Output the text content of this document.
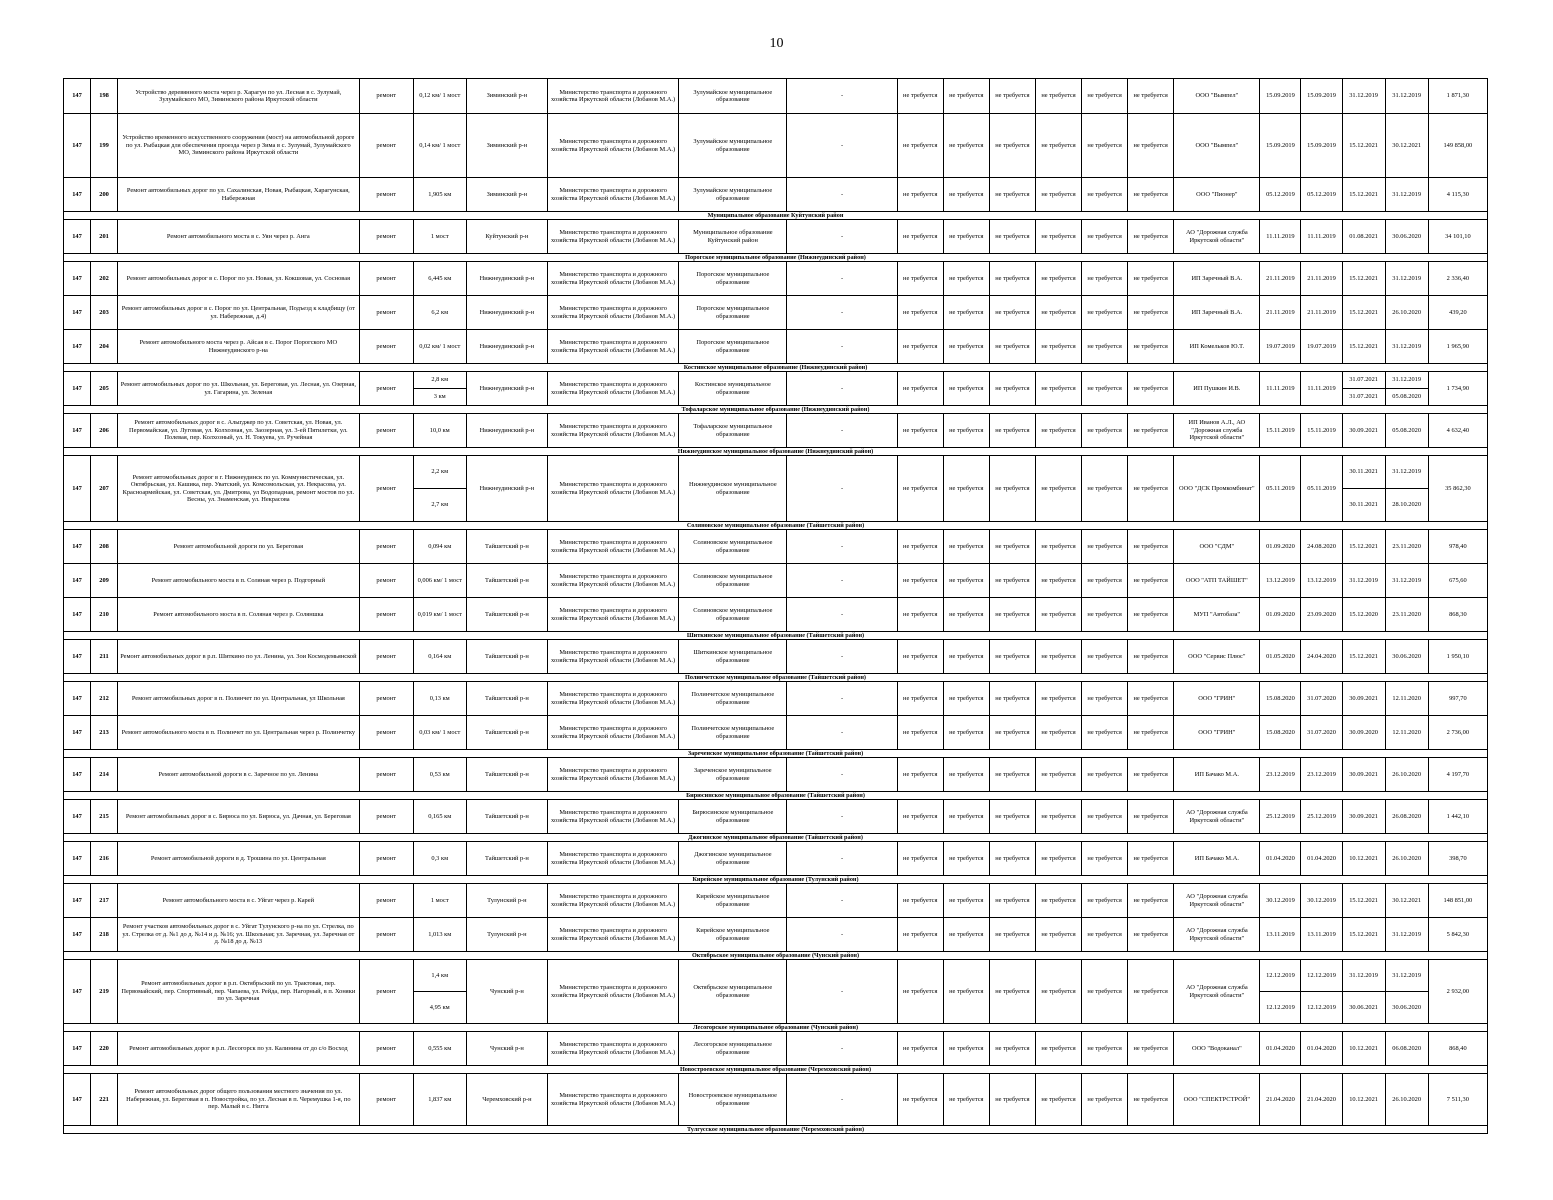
10
147	198	Устройство деревянного моста через р. Харагун по ул. Лесная в с. Зулумай, Зулумайского МО, Зиминского района Иркутской области	ремонт	0,12 км/ 1 мост	Зиминский р-н	Министерство транспорта и дорожного хозяйства Иркутской области (Лобанов М.А.)	Зулумайское муниципальное образование	-	не требуется	не требуется	не требуется	не требуется	не требуется	не требуется	ООО "Вымпел"	15.09.2019	15.09.2019	31.12.2019	31.12.2019	1 871,30
147	199	Устройство временного искусственного сооружения (мост) на автомобильной дороге по ул. Рыбацкая для обеспечения проезда через р Зима в с. Зулумай, Зулумайского МО, Зиминского района Иркутской области	ремонт	0,14 км/ 1 мост	Зиминский р-н	Министерство транспорта и дорожного хозяйства Иркутской области (Лобанов М.А.)	Зулумайское муниципальное образование	-	не требуется	не требуется	не требуется	не требуется	не требуется	не требуется	ООО "Вымпел"	15.09.2019	15.09.2019	15.12.2021	30.12.2021	149 858,00
147	200	Ремонт автомобильных дорог по ул. Сахалинская, Новая, Рыбацкая, Харагунская, Набережная	ремонт	1,905 км	Зиминский р-н	Министерство транспорта и дорожного хозяйства Иркутской области (Лобанов М.А.)	Зулумайское муниципальное образование	-	не требуется	не требуется	не требуется	не требуется	не требуется	не требуется	ООО "Пионер"	05.12.2019	05.12.2019	15.12.2021	31.12.2019	4 115,30
Муниципальное образование Куйтунский район																				
147	201	Ремонт автомобильного моста в с. Уян через р. Анга	ремонт	1 мост	Куйтунский р-н	Министерство транспорта и дорожного хозяйства Иркутской области (Лобанов М.А.)	Муниципальное образование Куйтунский район	-	не требуется	не требуется	не требуется	не требуется	не требуется	не требуется	АО "Дорожная служба Иркутской области"	11.11.2019	11.11.2019	01.08.2021	30.06.2020	34 101,10
Порогское муниципальное образование (Нижнеудинский район)																				
147	202	Ремонт автомобильных дорог в с. Порог по ул. Новая, ул. Кокшовая, ул. Сосновая	ремонт	6,445 км	Нижнеудинский р-н	Министерство транспорта и дорожного хозяйства Иркутской области (Лобанов М.А.)	Порогское муниципальное образование	-	не требуется	не требуется	не требуется	не требуется	не требуется	не требуется	ИП Заречный В.А.	21.11.2019	21.11.2019	15.12.2021	31.12.2019	2 336,40
147	203	Ремонт автомобильных дорог в с. Порог по ул. Центральная, Подъезд к кладбищу (от ул. Набережная, д.4)	ремонт	6,2 км	Нижнеудинский р-н	Министерство транспорта и дорожного хозяйства Иркутской области (Лобанов М.А.)	Порогское муниципальное образование	-	не требуется	не требуется	не требуется	не требуется	не требуется	не требуется	ИП Заречный В.А.	21.11.2019	21.11.2019	15.12.2021	26.10.2020	439,20
147	204	Ремонт автомобильного моста через р. Айсая в с. Порог Порогского МО Нижнеудинского р-на	ремонт	0,02 км/ 1 мост	Нижнеудинский р-н	Министерство транспорта и дорожного хозяйства Иркутской области (Лобанов М.А.)	Порогское муниципальное образование	-	не требуется	не требуется	не требуется	не требуется	не требуется	не требуется	ИП Комельков Ю.Т.	19.07.2019	19.07.2019	15.12.2021	31.12.2019	1 965,90
Костинское муниципальное образование (Нижнеудинский район)																				
147	205	Ремонт автомобильных дорог по ул. Школьная, ул. Береговая, ул. Лесная, ул. Озерная, ул. Гагарина, ул. Зеленая	ремонт	2,8 км	Нижнеудинский р-н	Министерство транспорта и дорожного хозяйства Иркутской области (Лобанов М.А.)	Костинское муниципальное образование	-	не требуется	не требуется	не требуется	не требуется	не требуется	не требуется	ИП Пушкин И.В.	11.11.2019	11.11.2019	31.07.2021	31.12.2019	1 734,90
				3 км														31.07.2021	05.08.2020	
Тофаларское муниципальное образование (Нижнеудинский район)																				
147	206	Ремонт автомобильных дорог в с. Алыгджер по ул. Советская, ул. Новая, ул. Первомайская, ул. Луговая, ул. Колхозная, ул. Заозерная, ул. 3-ей Пятилетки, ул. Полевая, пер. Колхозный, ул. Н. Токуева, ул. Ручейная	ремонт	10,0 км	Нижнеудинский р-н	Министерство транспорта и дорожного хозяйства Иркутской области (Лобанов М.А.)	Тофаларское муниципальное образование	-	не требуется	не требуется	не требуется	не требуется	не требуется	не требуется	ИП Иванов А.Л., АО "Дорожная служба Иркутской области"	15.11.2019	15.11.2019	30.09.2021	05.08.2020	4 632,40
Нижнеудинское муниципальное образование (Нижнеудинский район)																				
147	207	Ремонт автомобильных дорог в г. Нижнеудинск по ул. Коммунистическая, ул. Октябрьская, ул. Кашика, пер. Уватский, ул. Комсомольская, ул. Некрасова, ул. Красноармейская, ул. Советская, ул. Дмитрова, ул Водопадная, ремонт мостов по ул. Весны, ул. Знаменская, ул. Некрасова	ремонт	2,2 км	Нижнеудинский р-н	Министерство транспорта и дорожного хозяйства Иркутской области (Лобанов М.А.)	Нижнеудинское муниципальное образование	-	не требуется	не требуется	не требуется	не требуется	не требуется	не требуется	ООО "ДСК Промкомбинат"	05.11.2019	05.11.2019	30.11.2021	31.12.2019	35 862,30
				2,7 км														30.11.2021	28.10.2020	
Соляновское муниципальное образование (Тайшетский район)																				
147	208	Ремонт автомобильной дороги по ул. Береговая	ремонт	0,094 км	Тайшетский р-н	Министерство транспорта и дорожного хозяйства Иркутской области (Лобанов М.А.)	Соляновское муниципальное образование	-	не требуется	не требуется	не требуется	не требуется	не требуется	не требуется	ООО "СДМ"	01.09.2020	24.08.2020	15.12.2021	23.11.2020	978,40
147	209	Ремонт автомобильного моста в п. Соляная через р. Подгорный	ремонт	0,006 км/ 1 мост	Тайшетский р-н	Министерство транспорта и дорожного хозяйства Иркутской области (Лобанов М.А.)	Соляновское муниципальное образование	-	не требуется	не требуется	не требуется	не требуется	не требуется	не требуется	ООО "АТП ТАЙШЕТ"	13.12.2019	13.12.2019	31.12.2019	31.12.2019	675,60
147	210	Ремонт автомобильного моста в п. Соляная через р. Соляншка	ремонт	0,019 км/ 1 мост	Тайшетский р-н	Министерство транспорта и дорожного хозяйства Иркутской области (Лобанов М.А.)	Соляновское муниципальное образование	-	не требуется	не требуется	не требуется	не требуется	не требуется	не требуется	МУП "Автобаза"	01.09.2020	23.09.2020	15.12.2020	23.11.2020	868,30
Шиткинское муниципальное образование (Тайшетский район)																				
147	211	Ремонт автомобильных дорог в р.п. Шиткино по ул. Ленина, ул. Зои Космодемьянской	ремонт	0,164 км	Тайшетский р-н	Министерство транспорта и дорожного хозяйства Иркутской области (Лобанов М.А.)	Шиткинское муниципальное образование	-	не требуется	не требуется	не требуется	не требуется	не требуется	не требуется	ООО "Сервис Плюс"	01.05.2020	24.04.2020	15.12.2021	30.06.2020	1 950,10
Полинчетское муниципальное образование (Тайшетский район)																				
147	212	Ремонт автомобильных дорог в п. Полинчет по ул. Центральная, ул Школьная	ремонт	0,13 км	Тайшетский р-н	Министерство транспорта и дорожного хозяйства Иркутской области (Лобанов М.А.)	Полинчетское муниципальное образование	-	не требуется	не требуется	не требуется	не требуется	не требуется	не требуется	ООО "ГРИН"	15.08.2020	31.07.2020	30.09.2021	12.11.2020	997,70
147	213	Ремонт автомобильного моста в п. Полинчет по ул. Центральная через р. Полинчетку	ремонт	0,03 км/ 1 мост	Тайшетский р-н	Министерство транспорта и дорожного хозяйства Иркутской области (Лобанов М.А.)	Полинчетское муниципальное образование	-	не требуется	не требуется	не требуется	не требуется	не требуется	не требуется	ООО "ГРИН"	15.08.2020	31.07.2020	30.09.2020	12.11.2020	2 736,00
Зареченское муниципальное образование (Тайшетский район)																				
147	214	Ремонт автомобильной дороги в с. Заречное по ул. Ленина	ремонт	0,53 км	Тайшетский р-н	Министерство транспорта и дорожного хозяйства Иркутской области (Лобанов М.А.)	Зареченское муниципальное образование	-	не требуется	не требуется	не требуется	не требуется	не требуется	не требуется	ИП Бачако М.А.	23.12.2019	23.12.2019	30.09.2021	26.10.2020	4 197,70
Бирюсинское муниципальное образование (Тайшетский район)																				
147	215	Ремонт автомобильных дорог в с. Бирюса по ул. Бирюса, ул. Дачная, ул. Береговая	ремонт	0,165 км	Тайшетский р-н	Министерство транспорта и дорожного хозяйства Иркутской области (Лобанов М.А.)	Бирюсинское муниципальное образование	-	не требуется	не требуется	не требуется	не требуется	не требуется	не требуется	АО "Дорожная служба Иркутской области"	25.12.2019	25.12.2019	30.09.2021	26.08.2020	1 442,10
Джогинское муниципальное образование (Тайшетский район)																				
147	216	Ремонт автомобильной дороги в д. Трошина по ул. Центральная	ремонт	0,3 км	Тайшетский р-н	Министерство транспорта и дорожного хозяйства Иркутской области (Лобанов М.А.)	Джогинское муниципальное образование	-	не требуется	не требуется	не требуется	не требуется	не требуется	не требуется	ИП Бачако М.А.	01.04.2020	01.04.2020	10.12.2021	26.10.2020	398,70
Кирейское муниципальное образование (Тулунский район)																				
147	217	Ремонт автомобильного моста в с. Уйгат через р. Карей	ремонт	1 мост	Тулунский р-н	Министерство транспорта и дорожного хозяйства Иркутской области (Лобанов М.А.)	Кирейское муниципальное образование	-	не требуется	не требуется	не требуется	не требуется	не требуется	не требуется	АО "Дорожная служба Иркутской области"	30.12.2019	30.12.2019	15.12.2021	30.12.2021	148 851,00
147	218	Ремонт участков автомобильных дорог в с. Уйгат Тулунского р-на по ул. Стрелка, по ул. Стрелка от д. №1 до д. №14 и д. №16; ул. Школьная; ул. Заречная, ул. Заречная от д. №18 до д. №13	ремонт	1,013 км	Тулунский р-н	Министерство транспорта и дорожного хозяйства Иркутской области (Лобанов М.А.)	Кирейское муниципальное образование	-	не требуется	не требуется	не требуется	не требуется	не требуется	не требуется	АО "Дорожная служба Иркутской области"	13.11.2019	13.11.2019	15.12.2021	31.12.2019	5 842,30
Октябрьское муниципальное образование (Чунский район)																				
147	219	Ремонт автомобильных дорог в р.п. Октябрьский по ул. Трактовая, пер. Первомайский, пер. Спортивный, пер. Чапаева, ул. Рейда, пер. Нагорный, в п. Хоняки по ул. Заречная	ремонт	1,4 км	Чунский р-н	Министерство транспорта и дорожного хозяйства Иркутской области (Лобанов М.А.)	Октябрьское муниципальное образование	-	не требуется	не требуется	не требуется	не требуется	не требуется	не требуется	АО "Дорожная служба Иркутской области"	12.12.2019	12.12.2019	31.12.2019	31.12.2019	2 932,00
				4,95 км												12.12.2019	12.12.2019	30.06.2021	30.06.2020	
Лесогорское муниципальное образование (Чунский район)																				
147	220	Ремонт автомобильных дорог в р.п. Лесогорск по ул. Калинина от до с/о Восход	ремонт	0,555 км	Чунский р-н	Министерство транспорта и дорожного хозяйства Иркутской области (Лобанов М.А.)	Лесогорское муниципальное образование	-	не требуется	не требуется	не требуется	не требуется	не требуется	не требуется	ООО "Водоканал"	01.04.2020	01.04.2020	10.12.2021	06.08.2020	868,40
Новостроевское муниципальное образование (Черемховский район)																				
147	221	Ремонт автомобильных дорог общего пользования местного значения по ул. Набережная, ул. Береговая в п. Новостройка, по ул. Лесная в п. Черемушка 1-я, по пер. Малый в с. Нигга	ремонт	1,837 км	Черемховский р-н	Министерство транспорта и дорожного хозяйства Иркутской области (Лобанов М.А.)	Новостроевское муниципальное образование	-	не требуется	не требуется	не требуется	не требуется	не требуется	не требуется	ООО "СПЕКТРСТРОЙ"	21.04.2020	21.04.2020	10.12.2021	26.10.2020	7 511,30
Тулгусское муниципальное образование (Черемховский район)																				
